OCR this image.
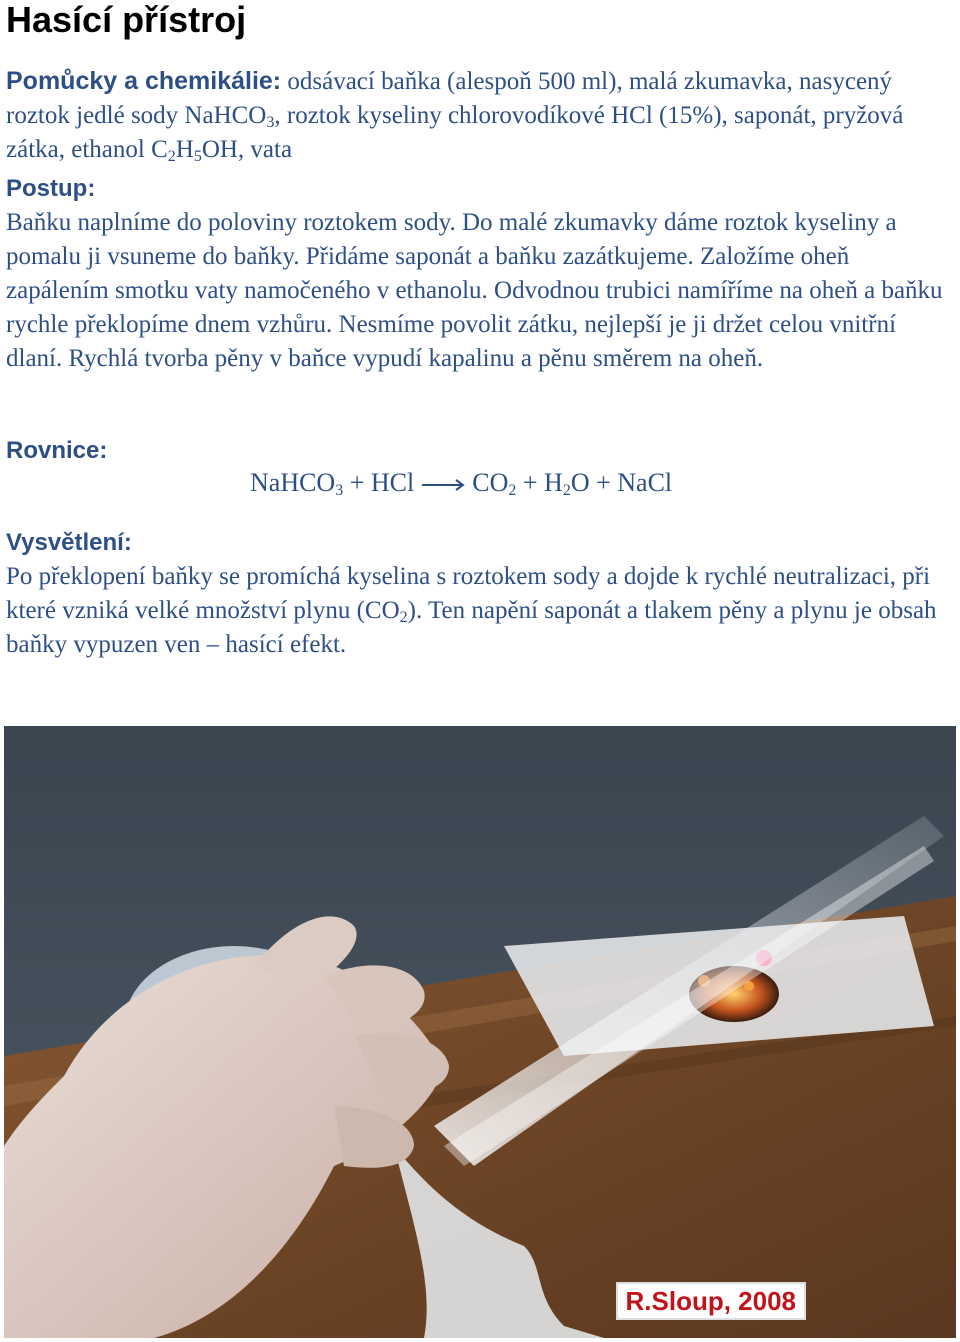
Hasící přístroj
Pomůcky a chemikálie: odsávací baňka (alespoň 500 ml), malá zkumavka, nasycený roztok jedlé sody NaHCO$_3$, roztok kyseliny chlorovodíkové HCl (15%), saponát, pryžová zátka, ethanol $C_2H_5OH$, vata
Postup:
Baňku naplníme do poloviny roztokem sody. Do malé zkumavky dáme roztok kyseliny a pomalu ji vsuneme do baňky. Přidáme saponát a baňku zazátkujeme. Založíme oheň zapálením smotku vaty namočeného v ethanolu. Odvodnou trubici namíříme na oheň a baňku rychle překlopíme dnem vzhůru. Nesmíme povolit zátku, nejlepší je ji držet celou vnitřní dlaní. Rychlá tvorba pěny v baňce vypudí kapalinu a pěnu směrem na oheň.
Rovnice:
NaHCO$_3$ + HCl → $CO_2 + H_2O$ + NaCl
Vysvětlení:
Po překlopení baňky se promíchá kyselina s roztokem sody a dojde k rychlé neutralizaci, při které vzniká velké množství plynu $(CO_2)$. Ten napění saponát a tlakem pěny a plynu je obsah baňky vypuzen ven – hasící efekt.
R.Sloup, 2008
